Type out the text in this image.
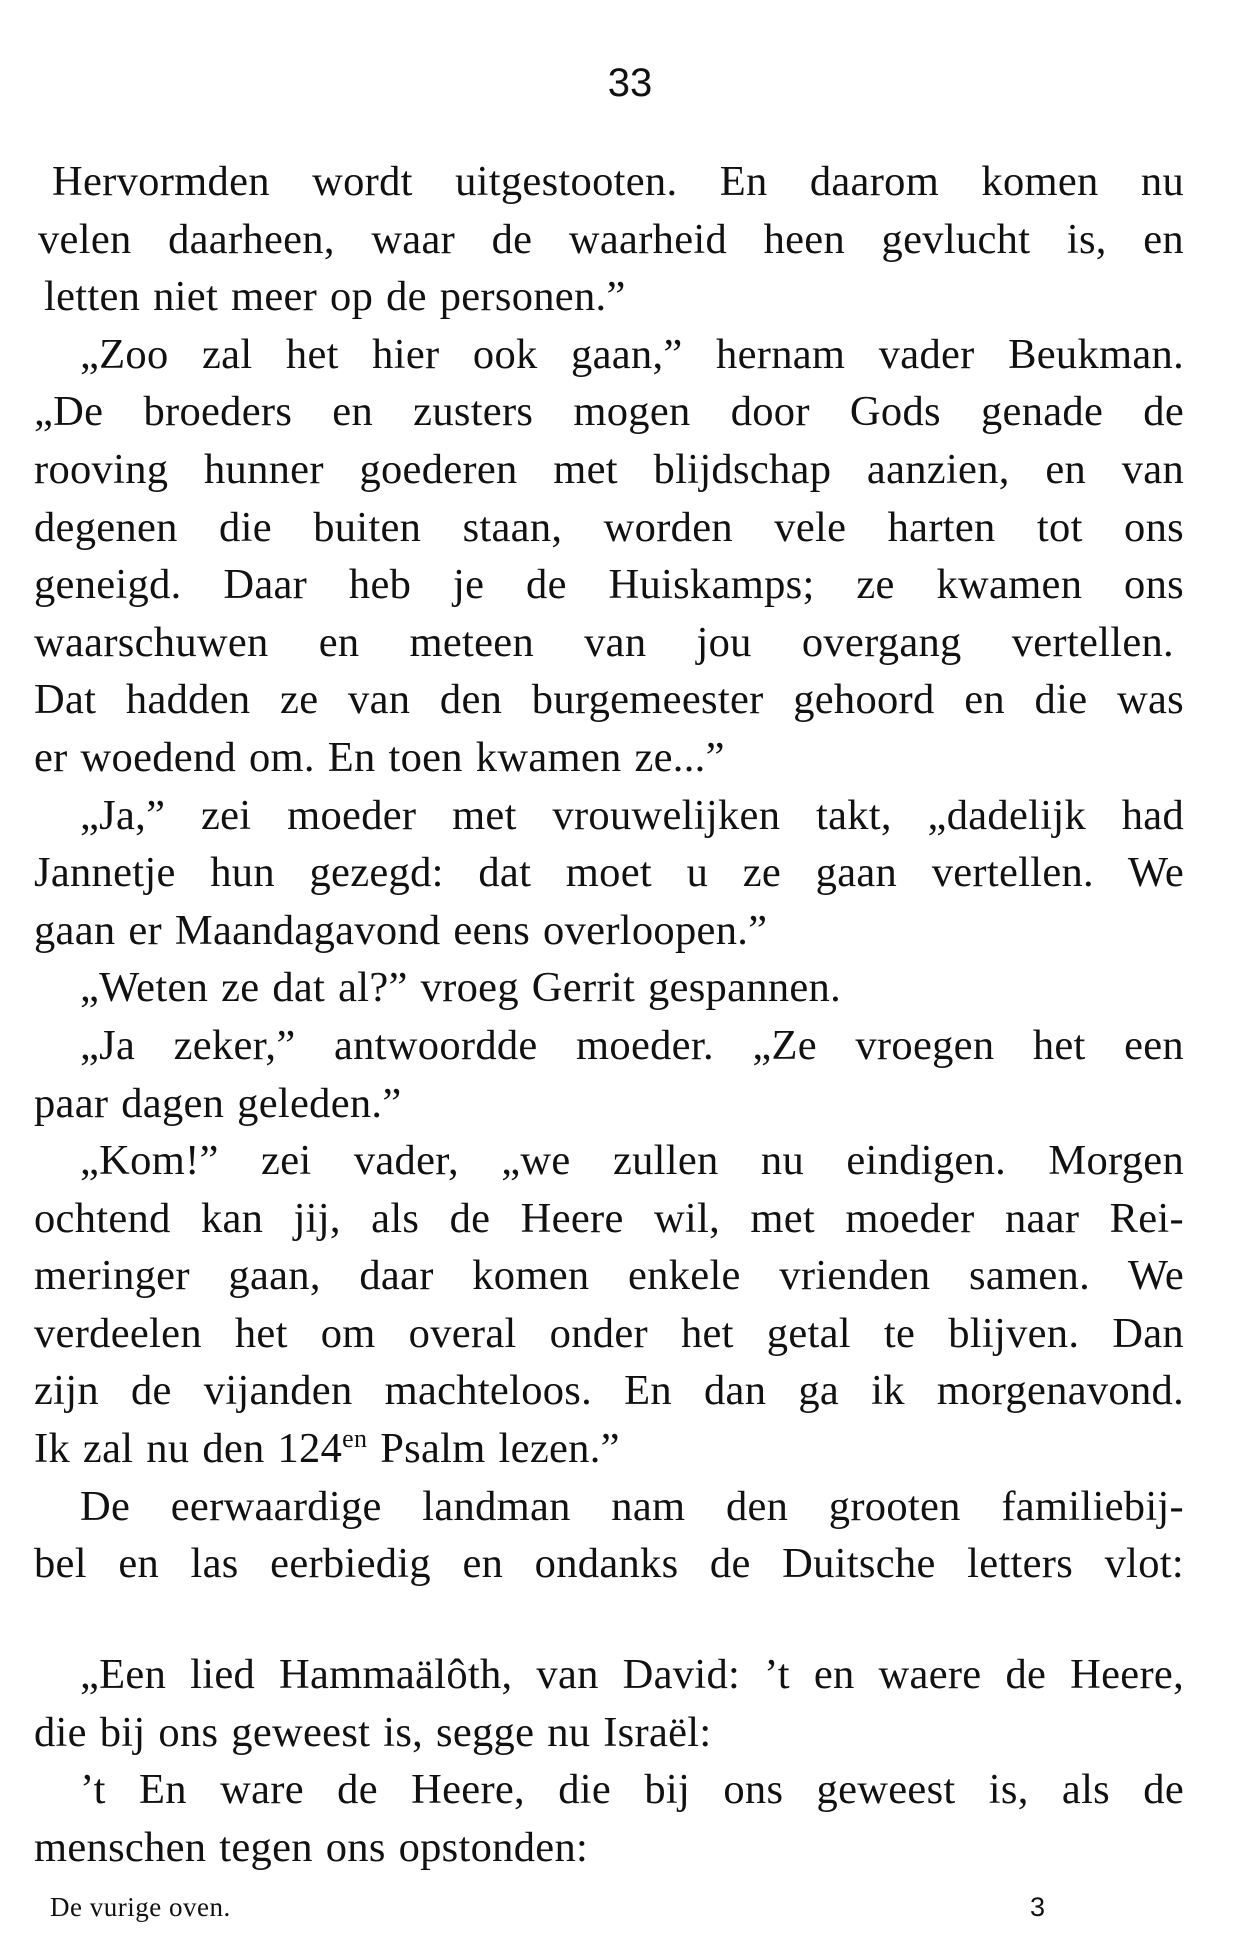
33
Hervormden wordt uitgestooten. En daarom komen nu
velen daarheen, waar de waarheid heen gevlucht is, en
letten niet meer op de personen.”
„Zoo zal het hier ook gaan,” hernam vader Beukman.
„De broeders en zusters mogen door Gods genade de
rooving hunner goederen met blijdschap aanzien, en van
degenen die buiten staan, worden vele harten tot ons
geneigd. Daar heb je de Huiskamps; ze kwamen ons
waarschuwen en meteen van jou overgang vertellen.
Dat hadden ze van den burgemeester gehoord en die was
er woedend om. En toen kwamen ze...”
„Ja,” zei moeder met vrouwelijken takt, „dadelijk had
Jannetje hun gezegd: dat moet u ze gaan vertellen. We
gaan er Maandagavond eens overloopen.”
„Weten ze dat al?” vroeg Gerrit gespannen.
„Ja zeker,” antwoordde moeder. „Ze vroegen het een
paar dagen geleden.”
„Kom!” zei vader, „we zullen nu eindigen. Morgen
ochtend kan jij, als de Heere wil, met moeder naar Rei-
meringer gaan, daar komen enkele vrienden samen. We
verdeelen het om overal onder het getal te blijven. Dan
zijn de vijanden machteloos. En dan ga ik morgenavond.
Ik zal nu den $124^{en}$ Psalm lezen.”
De eerwaardige landman nam den grooten familiebij-
bel en las eerbiedig en ondanks de Duitsche letters vlot:
„Een lied Hammaälôth, van David: ’t en waere de Heere,
die bij ons geweest is, segge nu Israël:
’t En ware de Heere, die bij ons geweest is, als de
menschen tegen ons opstonden:
De vurige oven.	3
